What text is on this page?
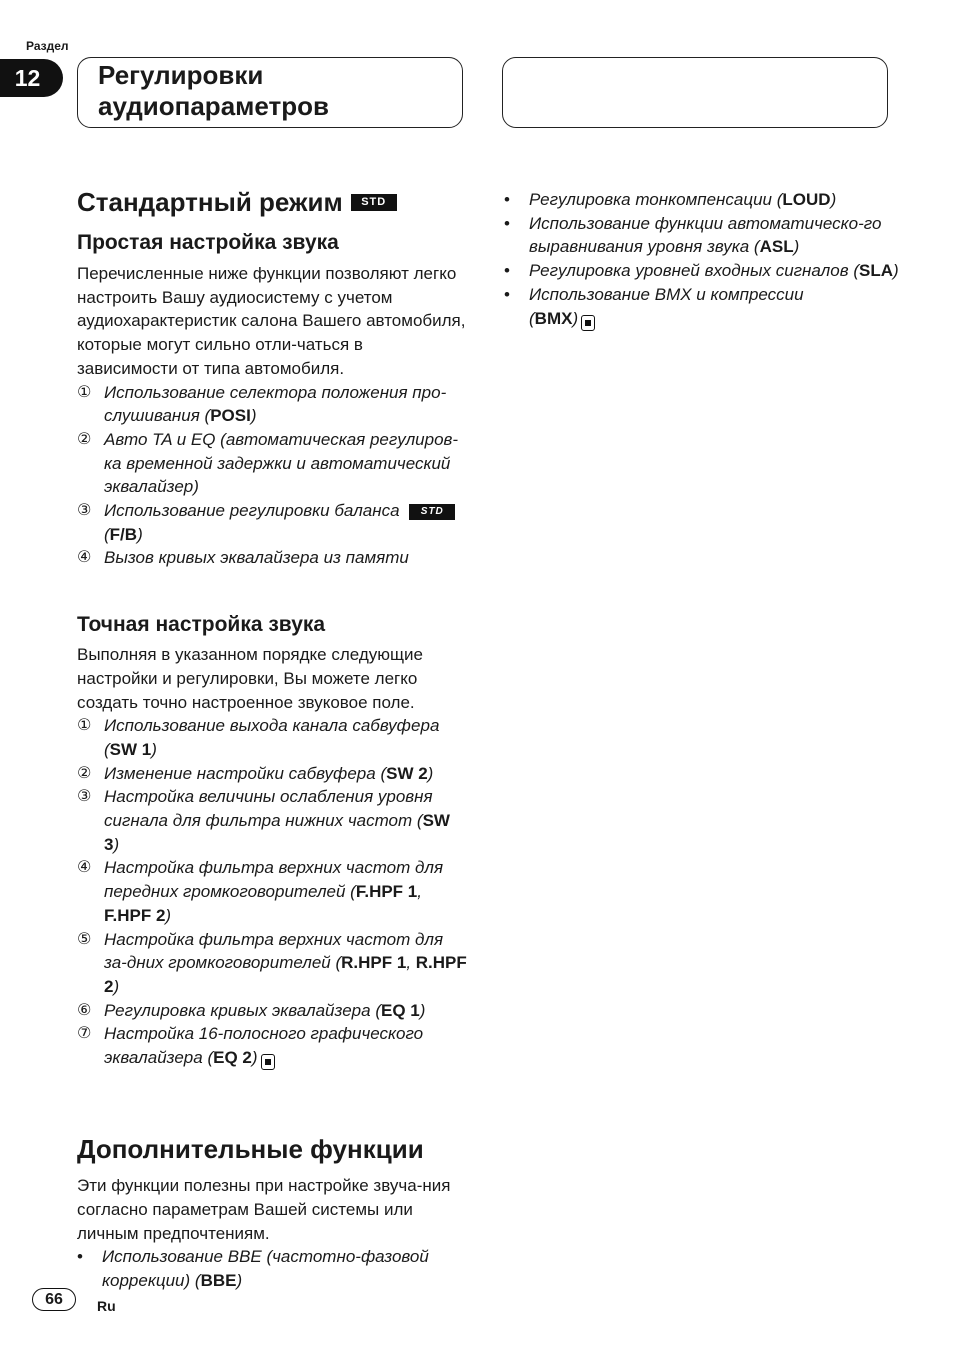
Раздел
12	Регулировки
аудиопараметров
Стандартный режим	STD
Простая настройка звука

Перечисленные ниже функции позволяют легко настроить Вашу аудиосистему с учетом аудиохарактеристик салона Вашего автомобиля, которые могут сильно отли-чаться в зависимости от типа автомобиля.

① Использование селектора положения про-слушивания (POSI)
② Авто TA и EQ (автоматическая регулиров-ка временной задержки и автоматический эквалайзер)
③ Использование регулировки баланса STD
(F/B)
④ Вызов кривых эквалайзера из памяти
Точная настройка звука

Выполняя в указанном порядке следующие настройки и регулировки, Вы можете легко создать точно настроенное звуковое поле.

① Использование выхода канала сабвуфера (SW 1)
② Изменение настройки сабвуфера (SW 2)
③ Настройка величины ослабления уровня сигнала для фильтра нижних частот (SW 3)
④ Настройка фильтра верхних частот для передних громкоговорителей (F.HPF 1, F.HPF 2)
⑤ Настройка фильтра верхних частот для за-дних громкоговорителей (R.HPF 1, R.HPF 2)
⑥ Регулировка кривых эквалайзера (EQ 1)
⑦ Настройка 16-полосного графического эквалайзера (EQ 2)
Дополнительные функции

Эти функции полезны при настройке звуча-ния согласно параметрам Вашей системы или личным предпочтениям.

• Использование BBE (частотно-фазовой коррекции) (BBE)
• Регулировка тонкомпенсации (LOUD)
• Использование функции автоматическо-го выравнивания уровня звука (ASL)
• Регулировка уровней входных сигналов (SLA)
• Использование BMX и компрессии
(BMX)
66	Ru
